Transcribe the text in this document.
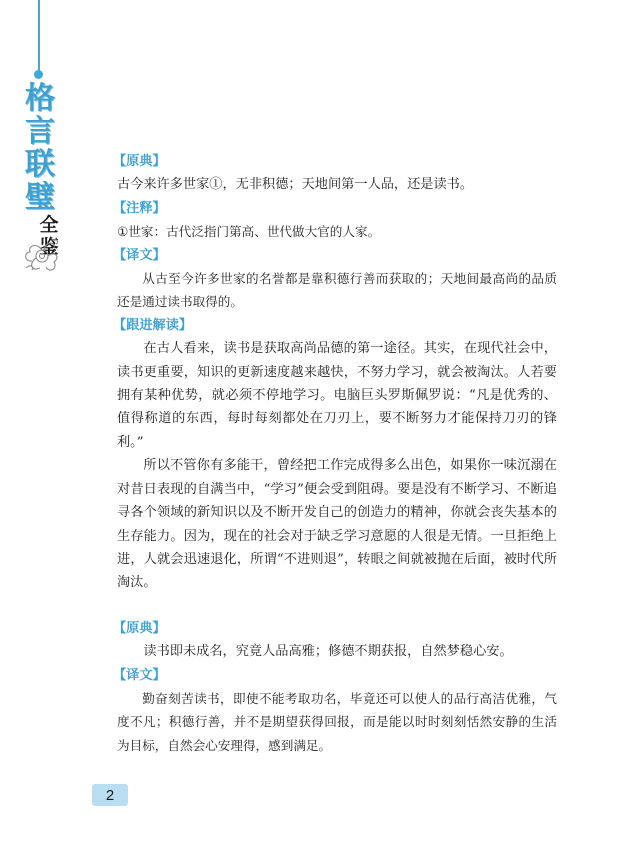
格
言
联
璧
全
鉴
【原典】

古今来许多世家①，无非积德；天地间第一人品，还是读书。

【注释】

①世家：古代泛指门第高、世代做大官的人家。

【译文】

从古至今许多世家的名誉都是靠积德行善而获取的；天地间最高尚的品质还是通过读书取得的。

【跟进解读】

在古人看来，读书是获取高尚品德的第一途径。其实，在现代社会中，读书更重要，知识的更新速度越来越快，不努力学习，就会被淘汰。人若要拥有某种优势，就必须不停地学习。电脑巨头罗斯佩罗说：“凡是优秀的、值得称道的东西，每时每刻都处在刀刃上，要不断努力才能保持刀刃的锋利。”

所以不管你有多能干，曾经把工作完成得多么出色，如果你一味沉溺在对昔日表现的自满当中，“学习”便会受到阻碍。要是没有不断学习、不断追寻各个领域的新知识以及不断开发自己的创造力的精神，你就会丧失基本的生存能力。因为，现在的社会对于缺乏学习意愿的人很是无情。一旦拒绝上进，人就会迅速退化，所谓“不进则退”，转眼之间就被抛在后面，被时代所淘汰。

【原典】

读书即未成名，究竟人品高雅；修德不期获报，自然梦稳心安。

【译文】

勤奋刻苦读书，即使不能考取功名，毕竟还可以使人的品行高洁优雅，气度不凡；积德行善，并不是期望获得回报，而是能以时时刻刻恬然安静的生活为目标，自然会心安理得，感到满足。

2
